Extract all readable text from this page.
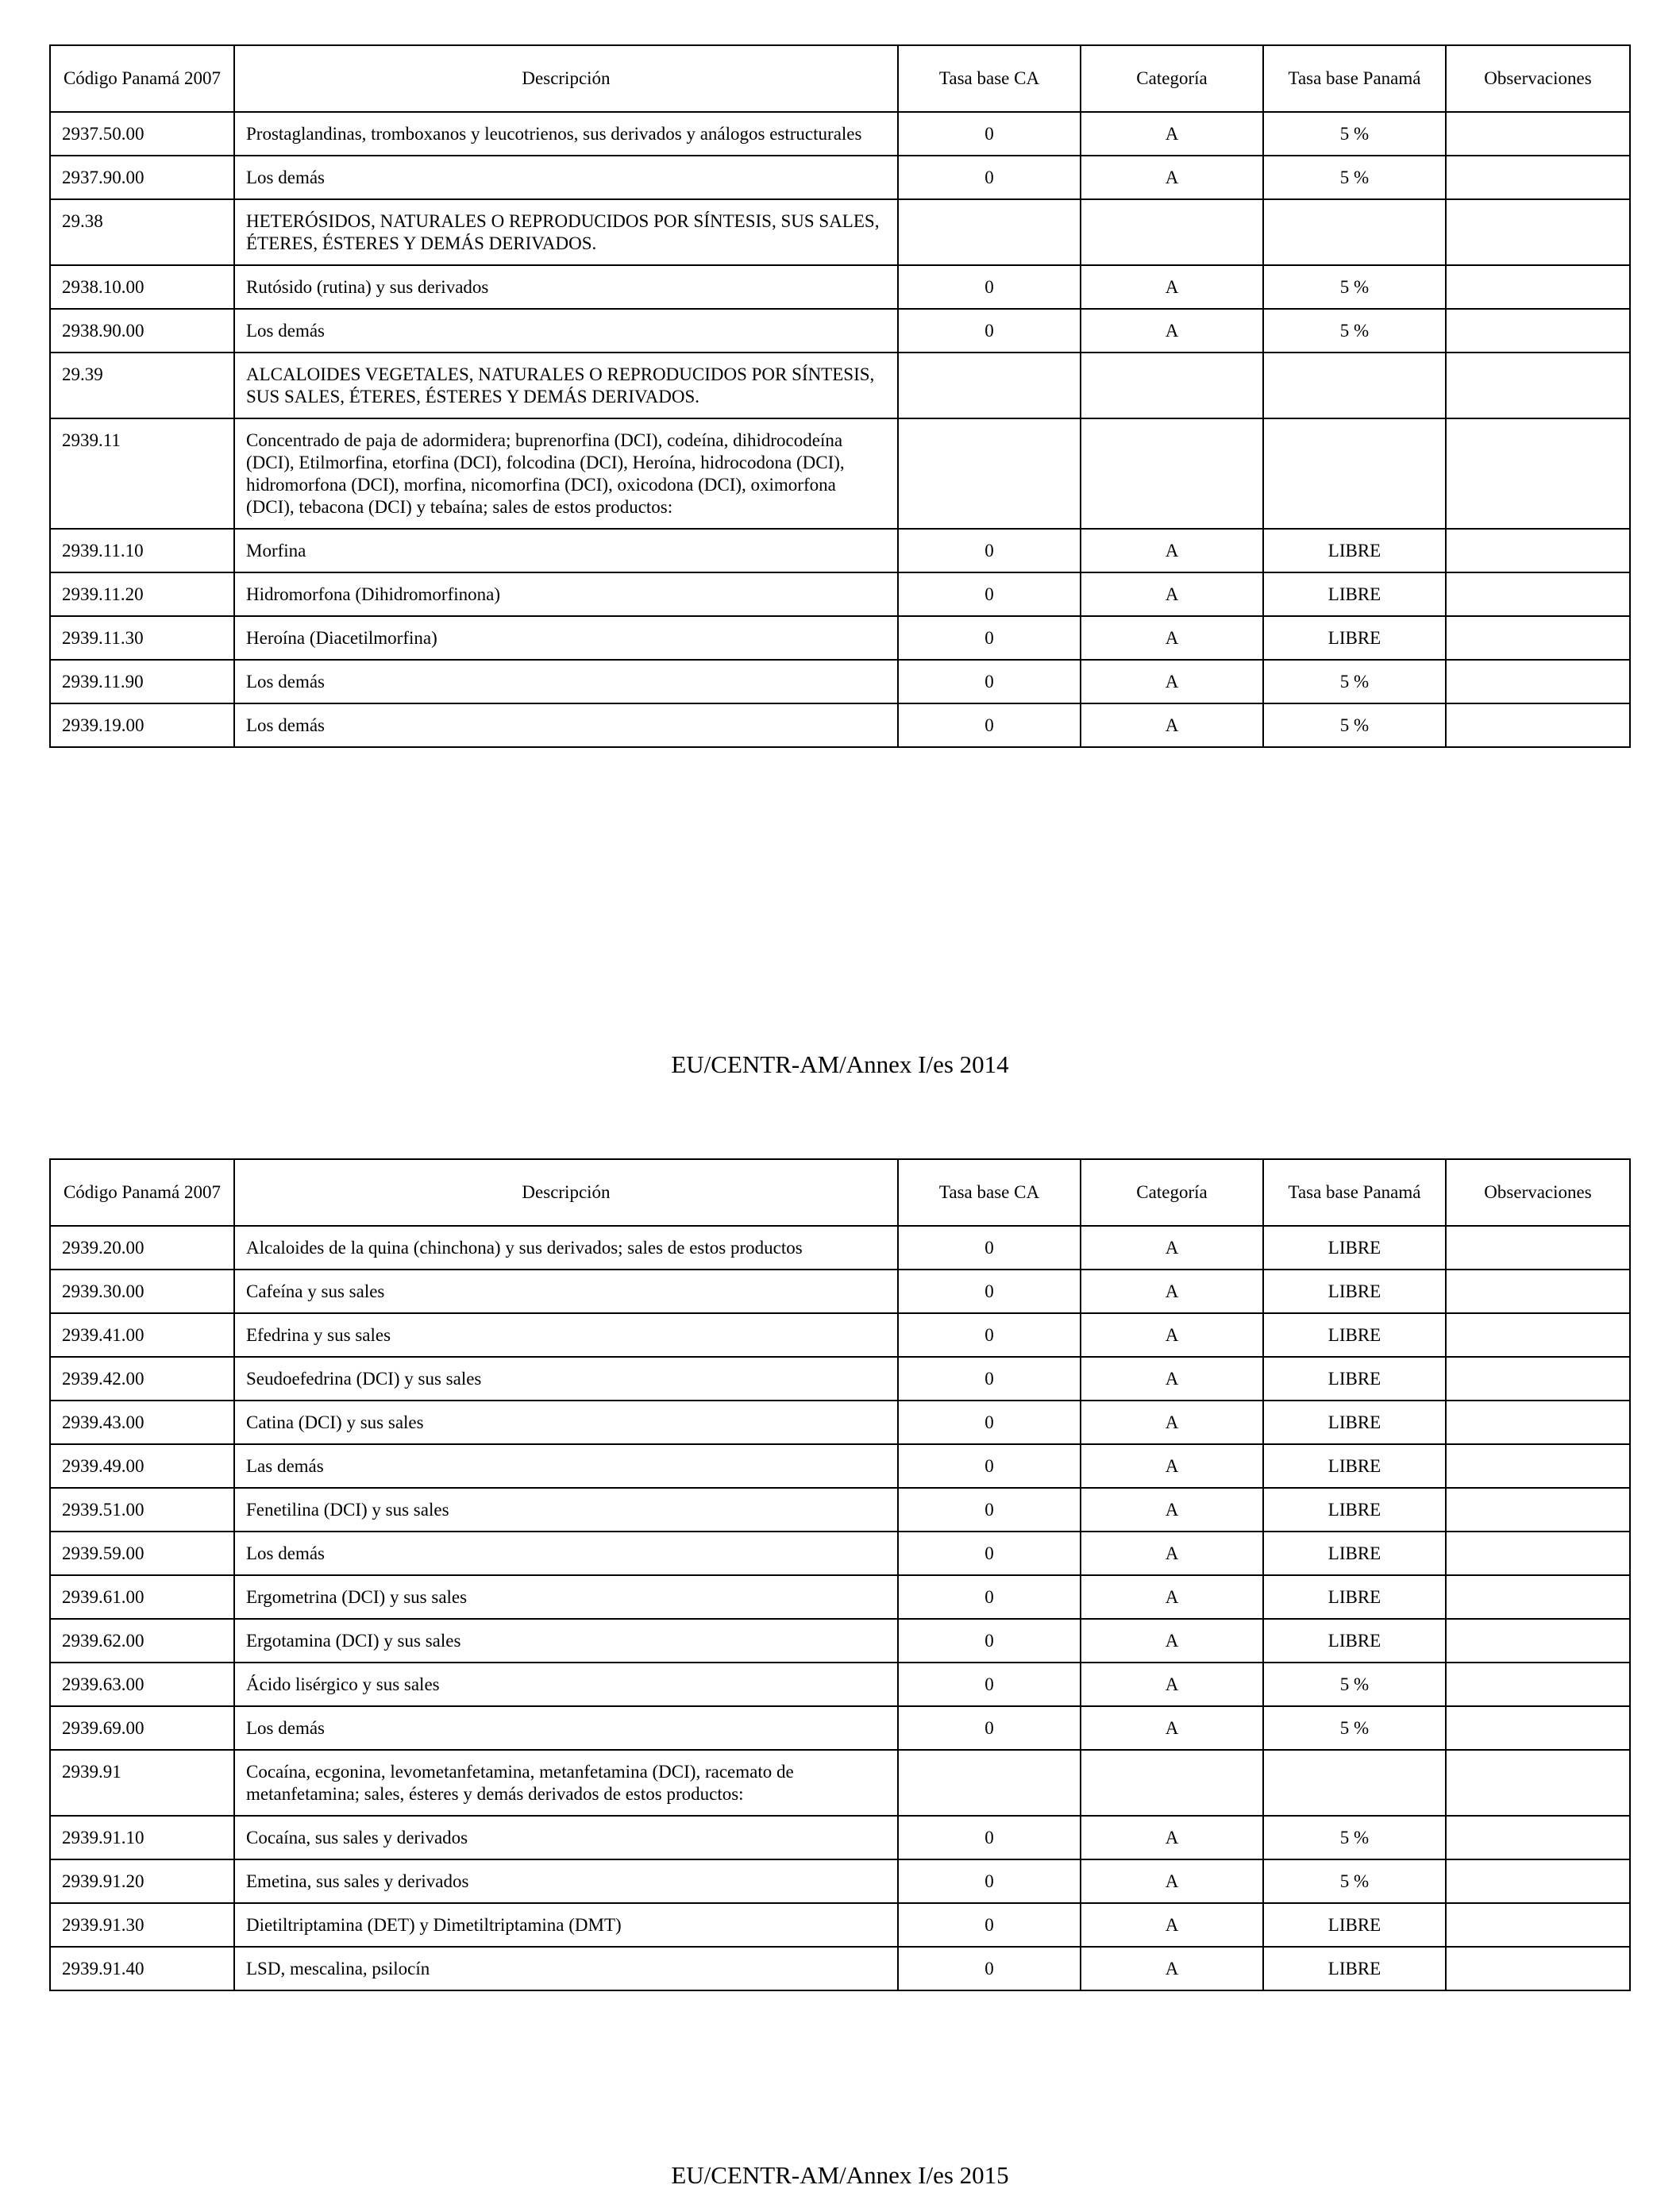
Código Panamá 2007	Descripción	Tasa base CA	Categoría	Tasa base Panamá	Observaciones
2937.50.00	Prostaglandinas, tromboxanos y leucotrienos, sus derivados y análogos estructurales	0	A	5 %	
2937.90.00	Los demás	0	A	5 %	
29.38	HETERÓSIDOS, NATURALES O REPRODUCIDOS POR SÍNTESIS, SUS SALES, ÉTERES, ÉSTERES Y DEMÁS DERIVADOS.				
2938.10.00	Rutósido (rutina) y sus derivados	0	A	5 %	
2938.90.00	Los demás	0	A	5 %	
29.39	ALCALOIDES VEGETALES, NATURALES O REPRODUCIDOS POR SÍNTESIS, SUS SALES, ÉTERES, ÉSTERES Y DEMÁS DERIVADOS.				
2939.11	Concentrado de paja de adormidera; buprenorfina (DCI), codeína, dihidrocodeína (DCI), Etilmorfina, etorfina (DCI), folcodina (DCI), Heroína, hidrocodona (DCI), hidromorfona (DCI), morfina, nicomorfina (DCI), oxicodona (DCI), oximorfona (DCI), tebacona (DCI) y tebaína; sales de estos productos:				
2939.11.10	Morfina	0	A	LIBRE	
2939.11.20	Hidromorfona (Dihidromorfinona)	0	A	LIBRE	
2939.11.30	Heroína (Diacetilmorfina)	0	A	LIBRE	
2939.11.90	Los demás	0	A	5 %	
2939.19.00	Los demás	0	A	5 %	
EU/CENTR-AM/Annex I/es 2014
Código Panamá 2007	Descripción	Tasa base CA	Categoría	Tasa base Panamá	Observaciones
2939.20.00	Alcaloides de la quina (chinchona) y sus derivados; sales de estos productos	0	A	LIBRE	
2939.30.00	Cafeína y sus sales	0	A	LIBRE	
2939.41.00	Efedrina y sus sales	0	A	LIBRE	
2939.42.00	Seudoefedrina (DCI) y sus sales	0	A	LIBRE	
2939.43.00	Catina (DCI) y sus sales	0	A	LIBRE	
2939.49.00	Las demás	0	A	LIBRE	
2939.51.00	Fenetilina (DCI) y sus sales	0	A	LIBRE	
2939.59.00	Los demás	0	A	LIBRE	
2939.61.00	Ergometrina (DCI) y sus sales	0	A	LIBRE	
2939.62.00	Ergotamina (DCI) y sus sales	0	A	LIBRE	
2939.63.00	Ácido lisérgico y sus sales	0	A	5 %	
2939.69.00	Los demás	0	A	5 %	
2939.91	Cocaína, ecgonina, levometanfetamina, metanfetamina (DCI), racemato de metanfetamina; sales, ésteres y demás derivados de estos productos:				
2939.91.10	Cocaína, sus sales y derivados	0	A	5 %	
2939.91.20	Emetina, sus sales y derivados	0	A	5 %	
2939.91.30	Dietiltriptamina (DET) y Dimetiltriptamina (DMT)	0	A	LIBRE	
2939.91.40	LSD, mescalina, psilocín	0	A	LIBRE	
EU/CENTR-AM/Annex I/es 2015
